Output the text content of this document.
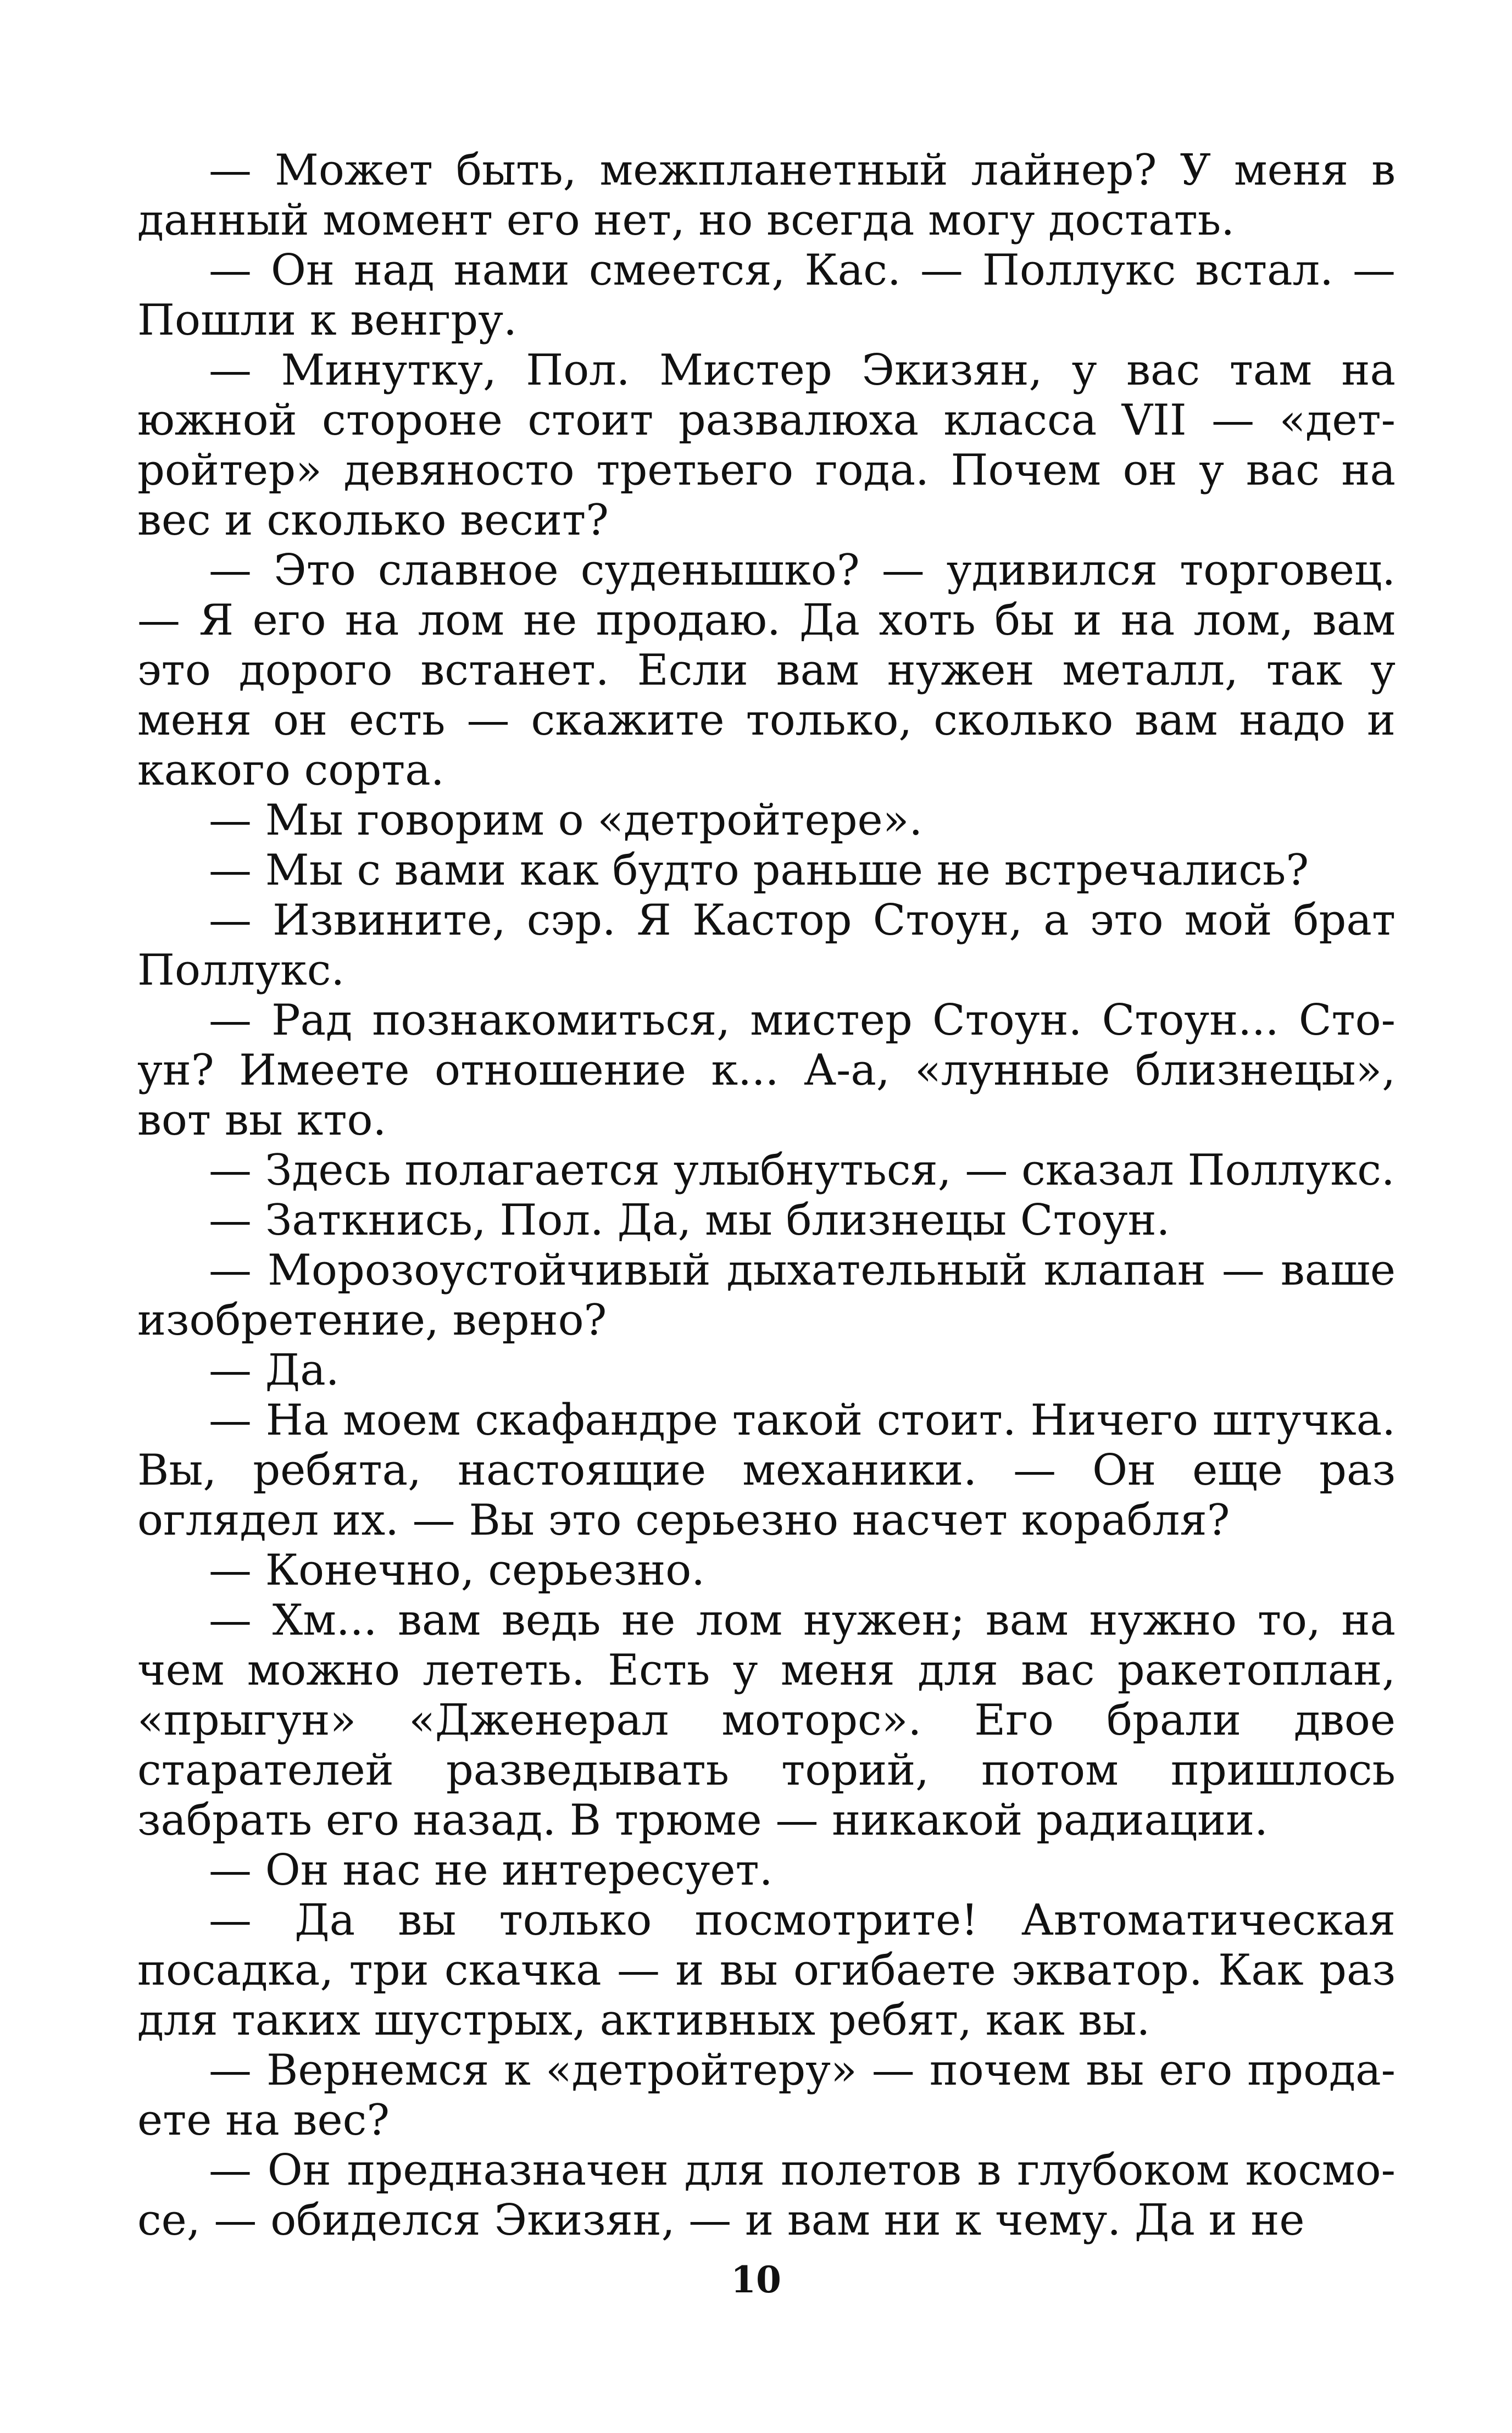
— Может быть, межпланетный лайнер? У меня в данный момент его нет, но всегда могу достать.

— Он над нами смеется, Кас. — Поллукс встал. — Пошли к венгру.

— Минутку, Пол. Мистер Экизян, у вас там на южной стороне стоит развалюха класса VII — «детройтер» девяносто третьего года. Почем он у вас на вес и сколько весит?

— Это славное суденышко? — удивился торговец. — Я его на лом не продаю. Да хоть бы и на лом, вам это дорого встанет. Если вам нужен металл, так у меня он есть — скажите только, сколько вам надо и какого сорта.

— Мы говорим о «детройтере».

— Мы с вами как будто раньше не встречались?

— Извините, сэр. Я Кастор Стоун, а это мой брат Поллукс.

— Рад познакомиться, мистер Стоун. Стоун... Стоун? Имеете отношение к... А-а, «лунные близнецы», вот вы кто.

— Здесь полагается улыбнуться, — сказал Поллукс.

— Заткнись, Пол. Да, мы близнецы Стоун.

— Морозоустойчивый дыхательный клапан — ваше изобретение, верно?

— Да.

— На моем скафандре такой стоит. Ничего штучка. Вы, ребята, настоящие механики. — Он еще раз оглядел их. — Вы это серьезно насчет корабля?

— Конечно, серьезно.

— Хм... вам ведь не лом нужен; вам нужно то, на чем можно лететь. Есть у меня для вас ракетоплан, «прыгун» «Дженерал моторс». Его брали двое старателей разведывать торий, потом пришлось забрать его назад. В трюме — никакой радиации.

— Он нас не интересует.

— Да вы только посмотрите! Автоматическая посадка, три скачка — и вы огибаете экватор. Как раз для таких шустрых, активных ребят, как вы.

— Вернемся к «детройтеру» — почем вы его продаете на вес?

— Он предназначен для полетов в глубоком космосе, — обиделся Экизян, — и вам ни к чему. Да и не

10
